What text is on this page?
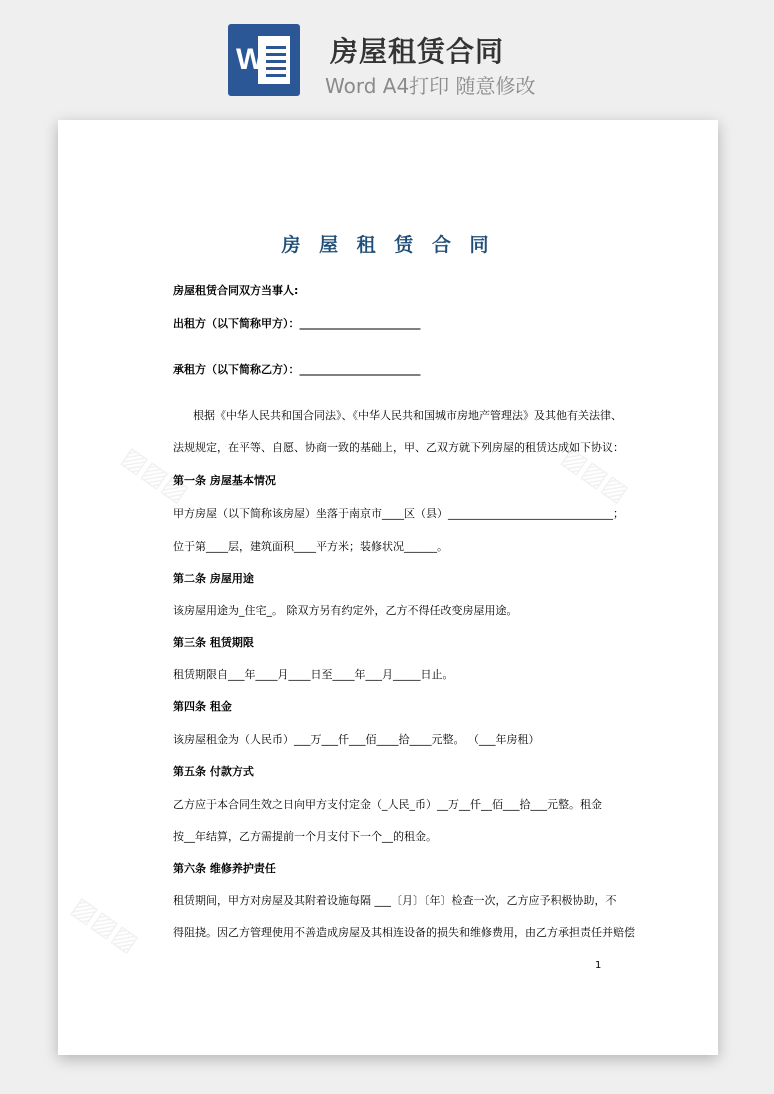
W 房屋租赁合同
Word A4打印 随意修改
▨▨▨	▨▨▨
▨▨▨
房 屋 租 赁 合 同
房屋租赁合同双方当事人:
出租方（以下简称甲方）：______________________
承租方（以下简称乙方）：______________________
根据《中华人民共和国合同法》、《中华人民共和国城市房地产管理法》及其他有关法律、
法规规定，在平等、自愿、协商一致的基础上，甲、乙双方就下列房屋的租赁达成如下协议：
第一条 房屋基本情况
甲方房屋（以下简称该房屋）坐落于南京市____区（县）______________________________；
位于第____层，建筑面积____平方米；装修状况______。
第二条 房屋用途
该房屋用途为_住宅_。 除双方另有约定外，乙方不得任改变房屋用途。
第三条 租赁期限
租赁期限自___年____月____日至____年___月_____日止。
第四条 租金
该房屋租金为（人民币）___万___仟___佰____拾____元整。 （___年房租）
第五条 付款方式
乙方应于本合同生效之日向甲方支付定金（_人民_币）__万__仟__佰___拾___元整。租金
按__年结算，乙方需提前一个月支付下一个__的租金。
第六条 维修养护责任
租赁期间，甲方对房屋及其附着设施每隔 ___〔月〕〔年〕检查一次，乙方应予积极协助，不
得阻挠。因乙方管理使用不善造成房屋及其相连设备的损失和维修费用，由乙方承担责任并赔偿
1
